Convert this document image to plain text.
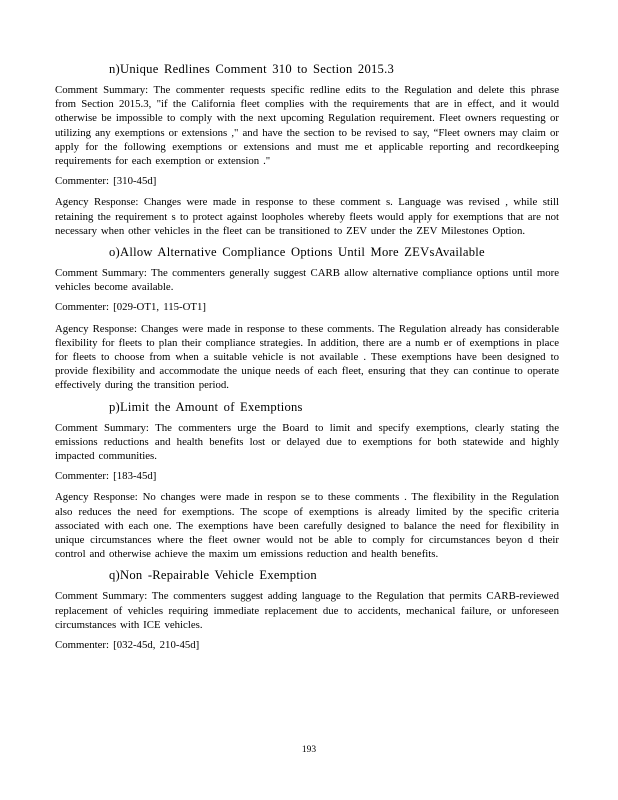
n)Unique Redlines Comment 310 to Section 2015.3

Comment Summary: The commenter requests specific redline edits to the Regulation and delete this phrase from Section 2015.3, "if the California fleet complies with the requirements that are in effect, and it would otherwise be impossible to comply with the next upcoming Regulation requirement. Fleet owners requesting or utilizing any exemptions or extensions ," and have the section to be revised to say, “Fleet owners may claim or apply for the following exemptions or extensions and must me et applicable reporting and recordkeeping requirements for each exemption or extension ."

Commenter: [310-45d]

Agency Response: Changes were made in response to these comment s. Language was revised , while still retaining the requirement s to protect against loopholes whereby fleets would apply for exemptions that are not necessary when other vehicles in the fleet can be transitioned to ZEV under the ZEV Milestones Option.

o)Allow Alternative Compliance Options Until More ZEVsAvailable

Comment Summary: The commenters generally suggest CARB allow alternative compliance options until more vehicles become available.

Commenter: [029-OT1, 115-OT1]

Agency Response: Changes were made in response to these comments. The Regulation already has considerable flexibility for fleets to plan their compliance strategies. In addition, there are a numb er of exemptions in place for fleets to choose from when a suitable vehicle is not available . These exemptions have been designed to provide flexibility and accommodate the unique needs of each fleet, ensuring that they can continue to operate effectively during the transition period.

p)Limit the Amount of Exemptions

Comment Summary: The commenters urge the Board to limit and specify exemptions, clearly stating the emissions reductions and health benefits lost or delayed due to exemptions for both statewide and highly impacted communities.

Commenter: [183-45d]

Agency Response: No changes were made in respon se to these comments . The flexibility in the Regulation also reduces the need for exemptions. The scope of exemptions is already limited by the specific criteria associated with each one. The exemptions have been carefully designed to balance the need for flexibility in unique circumstances where the fleet owner would not be able to comply for circumstances beyon d their control and otherwise achieve the maxim um emissions reduction and health benefits.

q)Non -Repairable Vehicle Exemption

Comment Summary: The commenters suggest adding language to the Regulation that permits CARB-reviewed replacement of vehicles requiring immediate replacement due to accidents, mechanical failure, or unforeseen circumstances with ICE vehicles.

Commenter: [032-45d, 210-45d]
193
